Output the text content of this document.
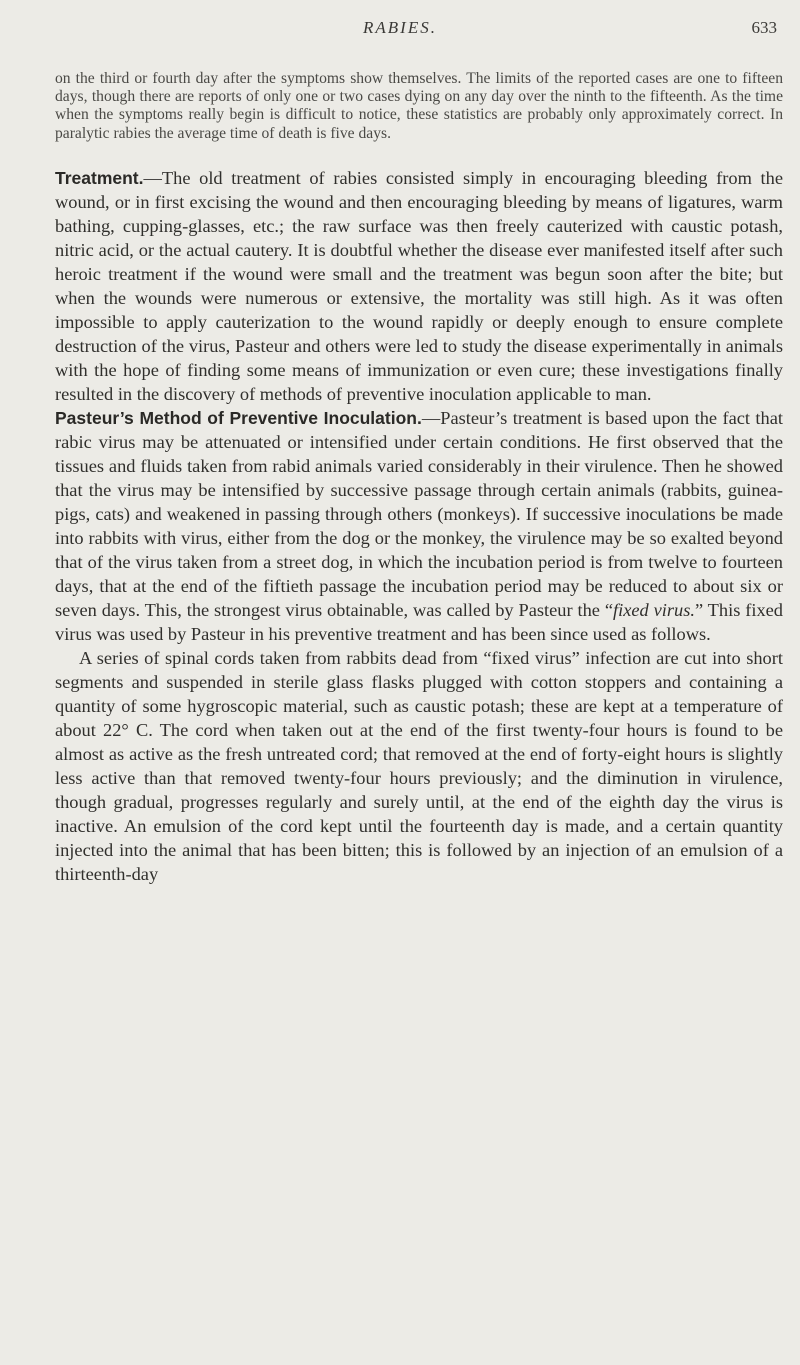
RABIES.	633
on the third or fourth day after the symptoms show themselves. The limits of the reported cases are one to fifteen days, though there are reports of only one or two cases dying on any day over the ninth to the fifteenth. As the time when the symptoms really begin is difficult to notice, these statistics are probably only approximately correct. In paralytic rabies the average time of death is five days.

Treatment.—The old treatment of rabies consisted simply in encouraging bleeding from the wound, or in first excising the wound and then encouraging bleeding by means of ligatures, warm bathing, cupping-glasses, etc.; the raw surface was then freely cauterized with caustic potash, nitric acid, or the actual cautery. It is doubtful whether the disease ever manifested itself after such heroic treatment if the wound were small and the treatment was begun soon after the bite; but when the wounds were numerous or extensive, the mortality was still high. As it was often impossible to apply cauterization to the wound rapidly or deeply enough to ensure complete destruction of the virus, Pasteur and others were led to study the disease experimentally in animals with the hope of finding some means of immunization or even cure; these investigations finally resulted in the discovery of methods of preventive inoculation applicable to man.

Pasteur’s Method of Preventive Inoculation.—Pasteur’s treatment is based upon the fact that rabic virus may be attenuated or intensified under certain conditions. He first observed that the tissues and fluids taken from rabid animals varied considerably in their virulence. Then he showed that the virus may be intensified by successive passage through certain animals (rabbits, guinea-pigs, cats) and weakened in passing through others (monkeys). If successive inoculations be made into rabbits with virus, either from the dog or the monkey, the virulence may be so exalted beyond that of the virus taken from a street dog, in which the incubation period is from twelve to fourteen days, that at the end of the fiftieth passage the incubation period may be reduced to about six or seven days. This, the strongest virus obtainable, was called by Pasteur the “fixed virus.” This fixed virus was used by Pasteur in his preventive treatment and has been since used as follows.

A series of spinal cords taken from rabbits dead from “fixed virus” infection are cut into short segments and suspended in sterile glass flasks plugged with cotton stoppers and containing a quantity of some hygroscopic material, such as caustic potash; these are kept at a temperature of about 22° C. The cord when taken out at the end of the first twenty-four hours is found to be almost as active as the fresh untreated cord; that removed at the end of forty-eight hours is slightly less active than that removed twenty-four hours previously; and the diminution in virulence, though gradual, progresses regularly and surely until, at the end of the eighth day the virus is inactive. An emulsion of the cord kept until the fourteenth day is made, and a certain quantity injected into the animal that has been bitten; this is followed by an injection of an emulsion of a thirteenth-day
